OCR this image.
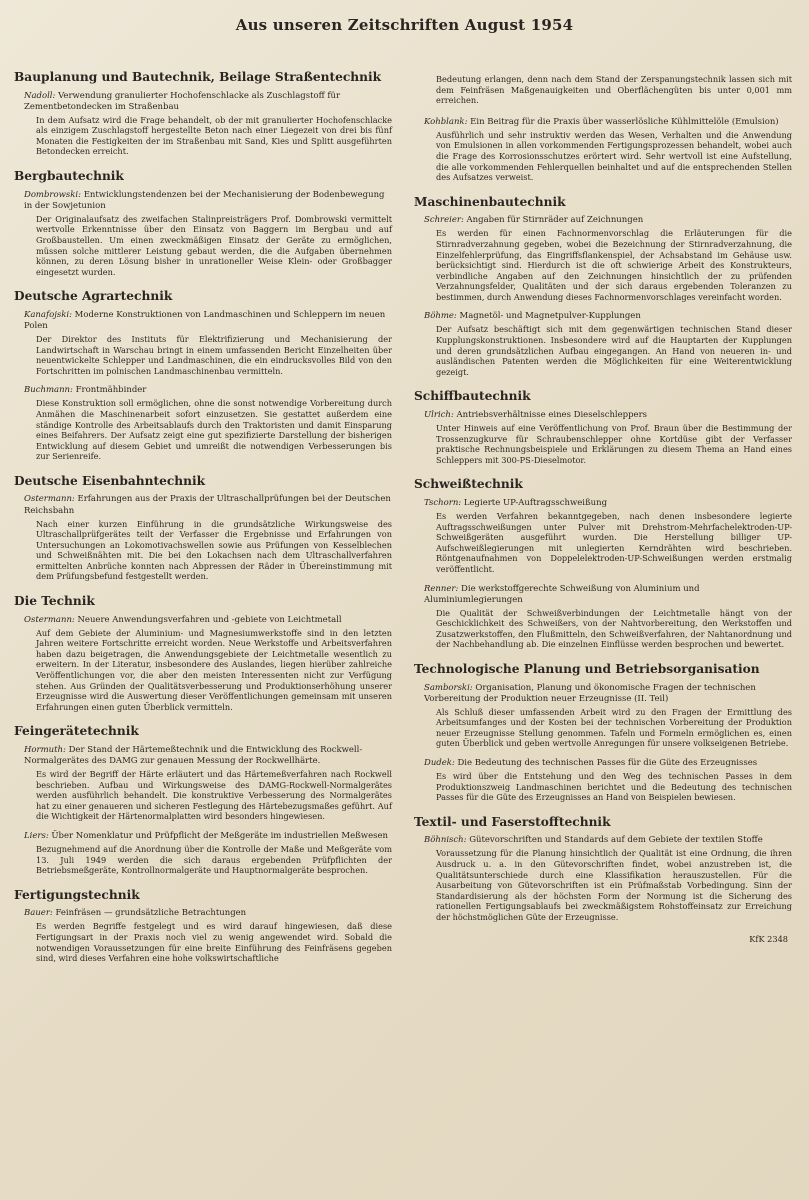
Aus unseren Zeitschriften August 1954
Bauplanung und Bautechnik, Beilage Straßentechnik
Nadoll: Verwendung granulierter Hochofenschlacke als Zuschlagstoff für Zementbetondecken im Straßenbau
In dem Aufsatz wird die Frage behandelt, ob der mit granulierter Hochofenschlacke als einzigem Zuschlagstoff hergestellte Beton nach einer Liegezeit von drei bis fünf Monaten die Festigkeiten der im Straßenbau mit Sand, Kies und Splitt ausgeführten Betondecken erreicht.
Bergbautechnik
Dombrowski: Entwicklungstendenzen bei der Mechanisierung der Bodenbewegung in der Sowjetunion
Der Originalaufsatz des zweifachen Stalinpreisträgers Prof. Dombrowski vermittelt wertvolle Erkenntnisse über den Einsatz von Baggern im Bergbau und auf Großbaustellen. Um einen zweckmäßigen Einsatz der Geräte zu ermöglichen, müssen solche mittlerer Leistung gebaut werden, die die Aufgaben übernehmen können, zu deren Lösung bisher in unrationeller Weise Klein- oder Großbagger eingesetzt wurden.
Deutsche Agrartechnik
Kanafojski: Moderne Konstruktionen von Landmaschinen und Schleppern im neuen Polen
Der Direktor des Instituts für Elektrifizierung und Mechanisierung der Landwirtschaft in Warschau bringt in einem umfassenden Bericht Einzelheiten über neuentwickelte Schlepper und Landmaschinen, die ein eindrucksvolles Bild von den Fortschritten im polnischen Landmaschinenbau vermitteln.
Buchmann: Frontmähbinder
Diese Konstruktion soll ermöglichen, ohne die sonst notwendige Vorbereitung durch Anmähen die Maschinenarbeit sofort einzusetzen. Sie gestattet außerdem eine ständige Kontrolle des Arbeitsablaufs durch den Traktoristen und damit Einsparung eines Beifahrers. Der Aufsatz zeigt eine gut spezifizierte Darstellung der bisherigen Entwicklung auf diesem Gebiet und umreißt die notwendigen Verbesserungen bis zur Serienreife.
Deutsche Eisenbahntechnik
Ostermann: Erfahrungen aus der Praxis der Ultraschallprüfungen bei der Deutschen Reichsbahn
Nach einer kurzen Einführung in die grundsätzliche Wirkungsweise des Ultraschallprüfgerätes teilt der Verfasser die Ergebnisse und Erfahrungen von Untersuchungen an Lokomotivachswellen sowie aus Prüfungen von Kesselblechen und Schweißnähten mit. Die bei den Lokachsen nach dem Ultraschallverfahren ermittelten Anbrüche konnten nach Abpressen der Räder in Übereinstimmung mit dem Prüfungsbefund festgestellt werden.
Die Technik
Ostermann: Neuere Anwendungsverfahren und -gebiete von Leichtmetall
Auf dem Gebiete der Aluminium- und Magnesiumwerkstoffe sind in den letzten Jahren weitere Fortschritte erreicht worden. Neue Werkstoffe und Arbeitsverfahren haben dazu beigetragen, die Anwendungsgebiete der Leichtmetalle wesentlich zu erweitern. In der Literatur, insbesondere des Auslandes, liegen hierüber zahlreiche Veröffentlichungen vor, die aber den meisten Interessenten nicht zur Verfügung stehen. Aus Gründen der Qualitätsverbesserung und Produktionserhöhung unserer Erzeugnisse wird die Auswertung dieser Veröffentlichungen gemeinsam mit unseren Erfahrungen einen guten Überblick vermitteln.
Feingerätetechnik
Hormuth: Der Stand der Härtemeßtechnik und die Entwicklung des Rockwell-Normalgerätes des DAMG zur genauen Messung der Rockwellhärte.
Es wird der Begriff der Härte erläutert und das Härtemeßverfahren nach Rockwell beschrieben. Aufbau und Wirkungsweise des DAMG-Rockwell-Normalgerätes werden ausführlich behandelt. Die konstruktive Verbesserung des Normalgerätes hat zu einer genaueren und sicheren Festlegung des Härtebezugsmaßes geführt. Auf die Wichtigkeit der Härtenormalplatten wird besonders hingewiesen.
Liers: Über Nomenklatur und Prüfpflicht der Meßgeräte im industriellen Meßwesen
Bezugnehmend auf die Anordnung über die Kontrolle der Maße und Meßgeräte vom 13. Juli 1949 werden die sich daraus ergebenden Prüfpflichten der Betriebsmeßgeräte, Kontrollnormalgeräte und Hauptnormalgeräte besprochen.
Fertigungstechnik
Bauer: Feinfräsen — grundsätzliche Betrachtungen
Es werden Begriffe festgelegt und es wird darauf hingewiesen, daß diese Fertigungsart in der Praxis noch viel zu wenig angewendet wird. Sobald die notwendigen Voraussetzungen für eine breite Einführung des Feinfräsens gegeben sind, wird dieses Verfahren eine hohe volkswirtschaftliche
Bedeutung erlangen, denn nach dem Stand der Zerspanungstechnik lassen sich mit dem Feinfräsen Maßgenauigkeiten und Oberflächengüten bis unter 0,001 mm erreichen.
Kohblank: Ein Beitrag für die Praxis über wasserlösliche Kühlmittelöle (Emulsion)
Ausführlich und sehr instruktiv werden das Wesen, Verhalten und die Anwendung von Emulsionen in allen vorkommenden Fertigungsprozessen behandelt, wobei auch die Frage des Korrosionsschutzes erörtert wird. Sehr wertvoll ist eine Aufstellung, die alle vorkommenden Fehlerquellen beinhaltet und auf die entsprechenden Stellen des Aufsatzes verweist.
Maschinenbautechnik
Schreier: Angaben für Stirnräder auf Zeichnungen
Es werden für einen Fachnormenvorschlag die Erläuterungen für die Stirnradverzahnung gegeben, wobei die Bezeichnung der Stirnradverzahnung, die Einzelfehlerprüfung, das Eingriffsflankenspiel, der Achsabstand im Gehäuse usw. berücksichtigt sind. Hierdurch ist die oft schwierige Arbeit des Konstrukteurs, verbindliche Angaben auf den Zeichnungen hinsichtlich der zu prüfenden Verzahnungsfelder, Qualitäten und der sich daraus ergebenden Toleranzen zu bestimmen, durch Anwendung dieses Fachnormenvorschlages vereinfacht worden.
Böhme: Magnetöl- und Magnetpulver-Kupplungen
Der Aufsatz beschäftigt sich mit dem gegenwärtigen technischen Stand dieser Kupplungskonstruktionen. Insbesondere wird auf die Hauptarten der Kupplungen und deren grundsätzlichen Aufbau eingegangen. An Hand von neueren in- und ausländischen Patenten werden die Möglichkeiten für eine Weiterentwicklung gezeigt.
Schiffbautechnik
Ulrich: Antriebsverhältnisse eines Dieselschleppers
Unter Hinweis auf eine Veröffentlichung von Prof. Braun über die Bestimmung der Trossenzugkurve für Schraubenschlepper ohne Kortdüse gibt der Verfasser praktische Rechnungsbeispiele und Erklärungen zu diesem Thema an Hand eines Schleppers mit 300-PS-Dieselmotor.
Schweißtechnik
Tschorn: Legierte UP-Auftragsschweißung
Es werden Verfahren bekanntgegeben, nach denen insbesondere legierte Auftragsschweißungen unter Pulver mit Drehstrom-Mehrfachelektroden-UP-Schweißgeräten ausgeführt wurden. Die Herstellung billiger UP-Aufschweißlegierungen mit unlegierten Kerndrähten wird beschrieben. Röntgenaufnahmen von Doppelelektroden-UP-Schweißungen werden erstmalig veröffentlicht.
Renner: Die werkstoffgerechte Schweißung von Aluminium und Aluminiumlegierungen
Die Qualität der Schweißverbindungen der Leichtmetalle hängt von der Geschicklichkeit des Schweißers, von der Nahtvorbereitung, den Werkstoffen und Zusatzwerkstoffen, den Flußmitteln, den Schweißverfahren, der Nahtanordnung und der Nachbehandlung ab. Die einzelnen Einflüsse werden besprochen und bewertet.
Technologische Planung und Betriebsorganisation
Samborski: Organisation, Planung und ökonomische Fragen der technischen Vorbereitung der Produktion neuer Erzeugnisse (II. Teil)
Als Schluß dieser umfassenden Arbeit wird zu den Fragen der Ermittlung des Arbeitsumfanges und der Kosten bei der technischen Vorbereitung der Produktion neuer Erzeugnisse Stellung genommen. Tafeln und Formeln ermöglichen es, einen guten Überblick und geben wertvolle Anregungen für unsere volkseigenen Betriebe.
Dudek: Die Bedeutung des technischen Passes für die Güte des Erzeugnisses
Es wird über die Entstehung und den Weg des technischen Passes in dem Produktionszweig Landmaschinen berichtet und die Bedeutung des technischen Passes für die Güte des Erzeugnisses an Hand von Beispielen bewiesen.
Textil- und Faserstofftechnik
Böhnisch: Gütevorschriften und Standards auf dem Gebiete der textilen Stoffe
Voraussetzung für die Planung hinsichtlich der Qualität ist eine Ordnung, die ihren Ausdruck u. a. in den Gütevorschriften findet, wobei anzustreben ist, die Qualitätsunterschiede durch eine Klassifikation herauszustellen. Für die Ausarbeitung von Gütevorschriften ist ein Prüfmaßstab Vorbedingung. Sinn der Standardisierung als der höchsten Form der Normung ist die Sicherung des rationellen Fertigungsablaufs bei zweckmäßigstem Rohstoffeinsatz zur Erreichung der höchstmöglichen Güte der Erzeugnisse.
KfK 2348
